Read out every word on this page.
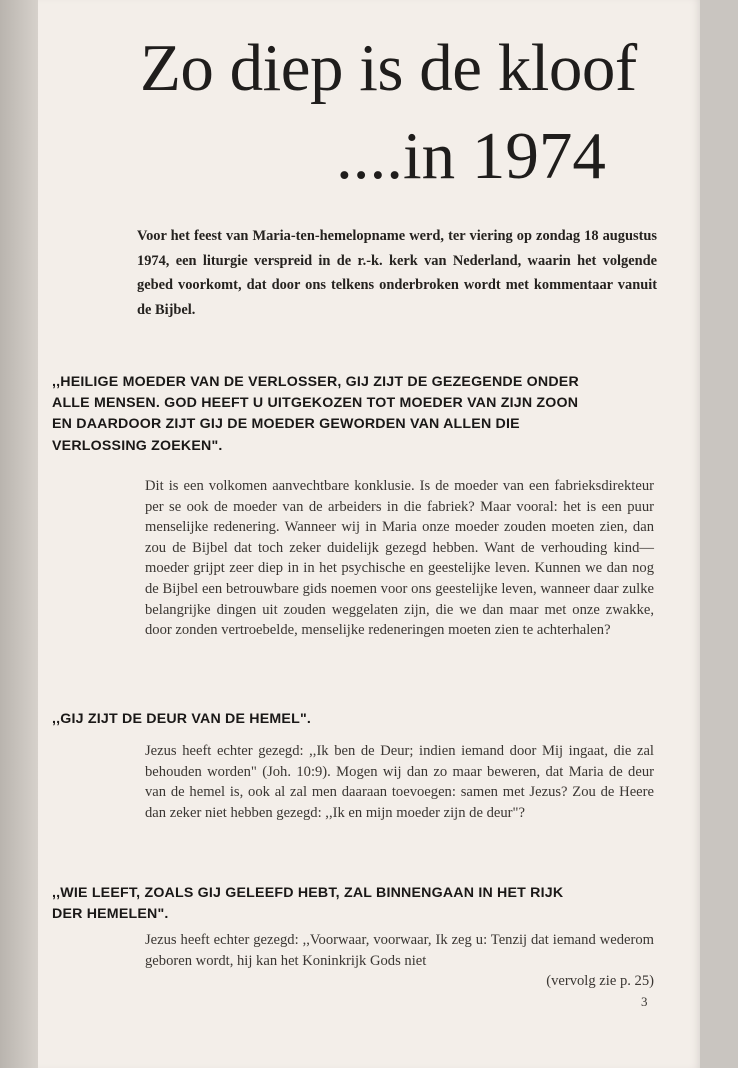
Zo diep is de kloof
....in 1974
Voor het feest van Maria-ten-hemelopname werd, ter viering op zondag 18 augustus 1974, een liturgie verspreid in de r.-k. kerk van Nederland, waarin het volgende gebed voorkomt, dat door ons telkens onderbroken wordt met kommentaar vanuit de Bijbel.
,,HEILIGE MOEDER VAN DE VERLOSSER, GIJ ZIJT DE GEZEGENDE ONDER ALLE MENSEN. GOD HEEFT U UITGEKOZEN TOT MOEDER VAN ZIJN ZOON EN DAARDOOR ZIJT GIJ DE MOEDER GEWORDEN VAN ALLEN DIE VERLOSSING ZOEKEN".
Dit is een volkomen aanvechtbare konklusie. Is de moeder van een fabrieksdirekteur per se ook de moeder van de arbeiders in die fabriek? Maar vooral: het is een puur menselijke redenering. Wanneer wij in Maria onze moeder zouden moeten zien, dan zou de Bijbel dat toch zeker duidelijk gezegd hebben. Want de verhouding kind—moeder grijpt zeer diep in in het psychische en geestelijke leven. Kunnen we dan nog de Bijbel een betrouwbare gids noemen voor ons geestelijke leven, wanneer daar zulke belangrijke dingen uit zouden weggelaten zijn, die we dan maar met onze zwakke, door zonden vertroebelde, menselijke redeneringen moeten zien te achterhalen?
,,GIJ ZIJT DE DEUR VAN DE HEMEL".
Jezus heeft echter gezegd: ,,Ik ben de Deur; indien iemand door Mij ingaat, die zal behouden worden" (Joh. 10:9). Mogen wij dan zo maar beweren, dat Maria de deur van de hemel is, ook al zal men daaraan toevoegen: samen met Jezus? Zou de Heere dan zeker niet hebben gezegd: ,,Ik en mijn moeder zijn de deur"?
,,WIE LEEFT, ZOALS GIJ GELEEFD HEBT, ZAL BINNENGAAN IN HET RIJK DER HEMELEN".
Jezus heeft echter gezegd: ,,Voorwaar, voorwaar, Ik zeg u: Tenzij dat iemand wederom geboren wordt, hij kan het Koninkrijk Gods niet
(vervolg zie p. 25)
3
